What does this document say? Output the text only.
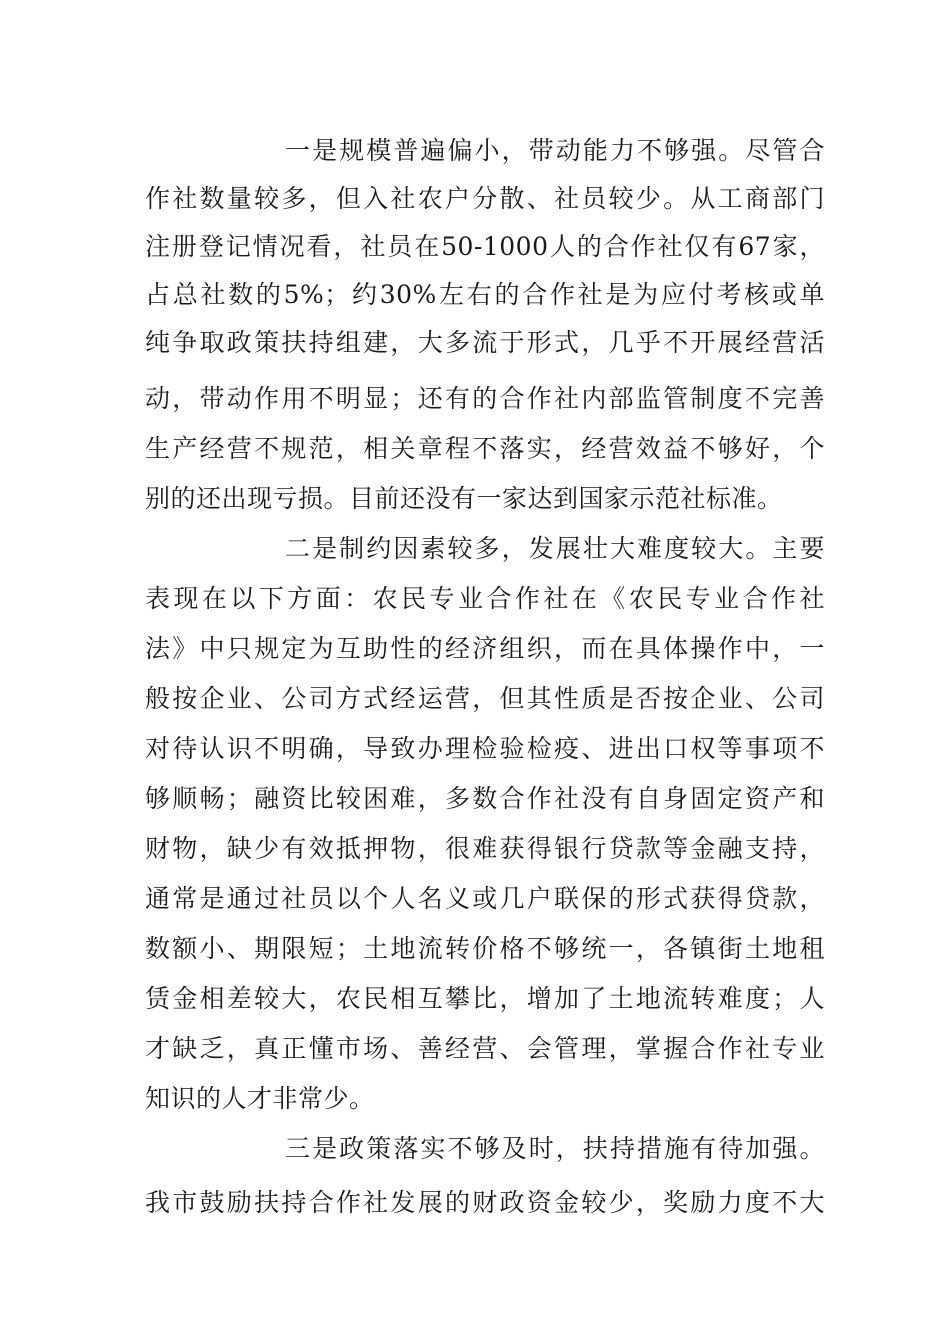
一是规模普遍偏小，带动能力不够强。尽管合
作社数量较多，但入社农户分散、社员较少。从工商部门
注册登记情况看，社员在50-1000人的合作社仅有67家，
占总社数的5%；约30%左右的合作社是为应付考核或单
纯争取政策扶持组建，大多流于形式，几乎不开展经营活
动，带动作用不明显；还有的合作社内部监管制度不完善
生产经营不规范，相关章程不落实，经营效益不够好，个
别的还出现亏损。目前还没有一家达到国家示范社标准。
二是制约因素较多，发展壮大难度较大。主要
表现在以下方面：农民专业合作社在《农民专业合作社
法》中只规定为互助性的经济组织，而在具体操作中，一
般按企业、公司方式经运营，但其性质是否按企业、公司
对待认识不明确，导致办理检验检疫、进出口权等事项不
够顺畅；融资比较困难，多数合作社没有自身固定资产和
财物，缺少有效抵押物，很难获得银行贷款等金融支持，
通常是通过社员以个人名义或几户联保的形式获得贷款，
数额小、期限短；土地流转价格不够统一，各镇街土地租
赁金相差较大，农民相互攀比，增加了土地流转难度；人
才缺乏，真正懂市场、善经营、会管理，掌握合作社专业
知识的人才非常少。
三是政策落实不够及时，扶持措施有待加强。
我市鼓励扶持合作社发展的财政资金较少，奖励力度不大
